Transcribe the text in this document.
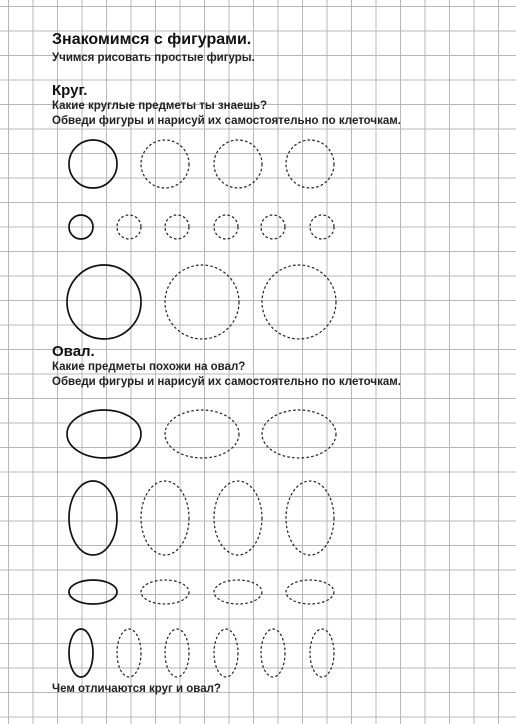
Знакомимся с фигурами.

Учимся рисовать простые фигуры.

Круг.

Какие круглые предметы ты знаешь?

Обведи фигуры и нарисуй их самостоятельно по клеточкам.

Овал.

Какие предметы похожи на овал?

Обведи фигуры и нарисуй их самостоятельно по клеточкам.

Чем отличаются круг и овал?
